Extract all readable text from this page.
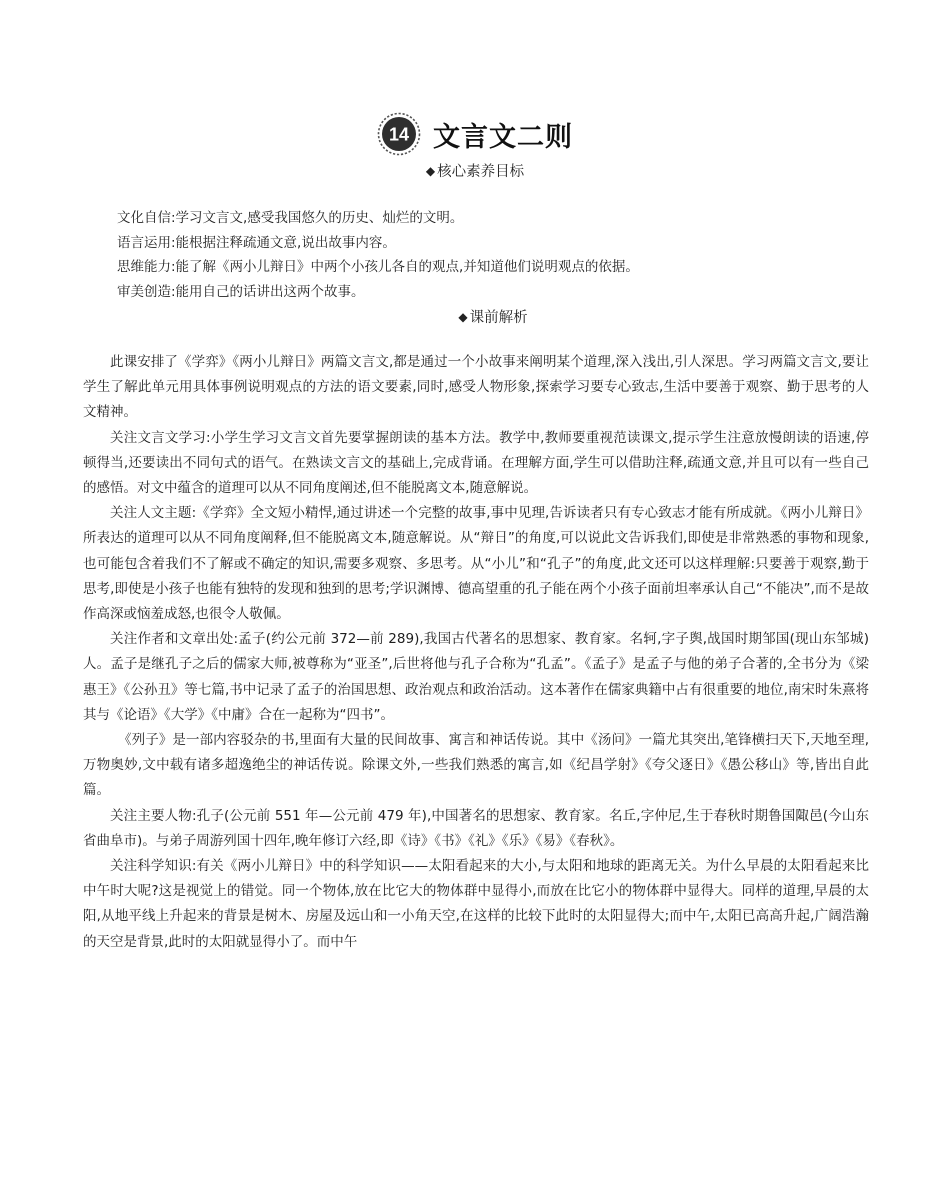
14 文言文二则
◆ 核心素养目标
文化自信:学习文言文,感受我国悠久的历史、灿烂的文明。
语言运用:能根据注释疏通文意,说出故事内容。
思维能力:能了解《两小儿辩日》中两个小孩儿各自的观点,并知道他们说明观点的依据。
审美创造:能用自己的话讲出这两个故事。
◆ 课前解析

此课安排了《学弈》《两小儿辩日》两篇文言文,都是通过一个小故事来阐明某个道理,深入浅出,引人深思。学习两篇文言文,要让学生了解此单元用具体事例说明观点的方法的语文要素,同时,感受人物形象,探索学习要专心致志,生活中要善于观察、勤于思考的人文精神。

关注文言文学习:小学生学习文言文首先要掌握朗读的基本方法。教学中,教师要重视范读课文,提示学生注意放慢朗读的语速,停顿得当,还要读出不同句式的语气。在熟读文言文的基础上,完成背诵。在理解方面,学生可以借助注释,疏通文意,并且可以有一些自己的感悟。对文中蕴含的道理可以从不同角度阐述,但不能脱离文本,随意解说。

关注人文主题:《学弈》全文短小精悍,通过讲述一个完整的故事,事中见理,告诉读者只有专心致志才能有所成就。《两小儿辩日》所表达的道理可以从不同角度阐释,但不能脱离文本,随意解说。从“辩日”的角度,可以说此文告诉我们,即使是非常熟悉的事物和现象,也可能包含着我们不了解或不确定的知识,需要多观察、多思考。从“小儿”和“孔子”的角度,此文还可以这样理解:只要善于观察,勤于思考,即使是小孩子也能有独特的发现和独到的思考;学识渊博、德高望重的孔子能在两个小孩子面前坦率承认自己“不能决”,而不是故作高深或恼羞成怒,也很令人敬佩。

关注作者和文章出处:孟子(约公元前 372—前 289),我国古代著名的思想家、教育家。名轲,字子舆,战国时期邹国(现山东邹城)人。孟子是继孔子之后的儒家大师,被尊称为“亚圣”,后世将他与孔子合称为“孔孟”。《孟子》是孟子与他的弟子合著的,全书分为《梁惠王》《公孙丑》等七篇,书中记录了孟子的治国思想、政治观点和政治活动。这本著作在儒家典籍中占有很重要的地位,南宋时朱熹将其与《论语》《大学》《中庸》合在一起称为“四书”。

《列子》是一部内容驳杂的书,里面有大量的民间故事、寓言和神话传说。其中《汤问》一篇尤其突出,笔锋横扫天下,天地至理,万物奥妙,文中载有诸多超逸绝尘的神话传说。除课文外,一些我们熟悉的寓言,如《纪昌学射》《夸父逐日》《愚公移山》等,皆出自此篇。

关注主要人物:孔子(公元前 551 年—公元前 479 年),中国著名的思想家、教育家。名丘,字仲尼,生于春秋时期鲁国陬邑(今山东省曲阜市)。与弟子周游列国十四年,晚年修订六经,即《诗》《书》《礼》《乐》《易》《春秋》。

关注科学知识:有关《两小儿辩日》中的科学知识——太阳看起来的大小,与太阳和地球的距离无关。为什么早晨的太阳看起来比中午时大呢?这是视觉上的错觉。同一个物体,放在比它大的物体群中显得小,而放在比它小的物体群中显得大。同样的道理,早晨的太阳,从地平线上升起来的背景是树木、房屋及远山和一小角天空,在这样的比较下此时的太阳显得大;而中午,太阳已高高升起,广阔浩瀚的天空是背景,此时的太阳就显得小了。而中午
